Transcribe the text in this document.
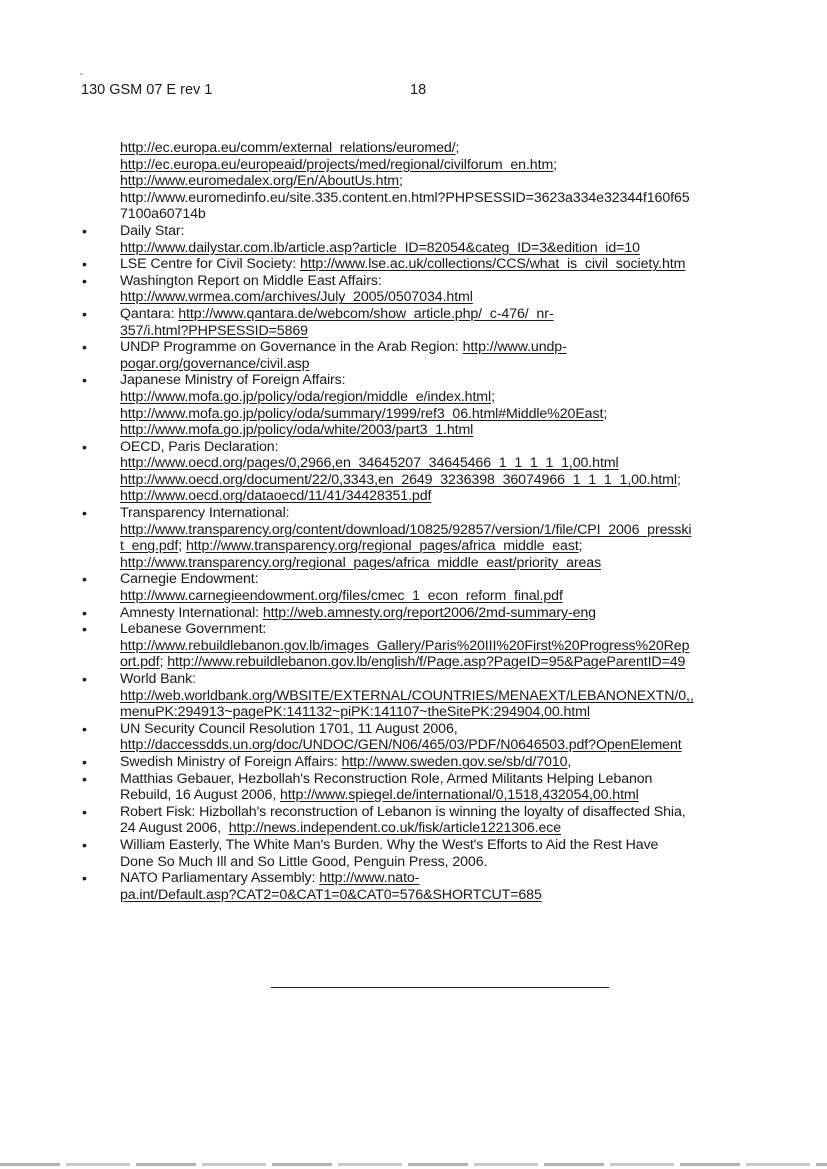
-
130 GSM 07 E rev 1	18
http://ec.europa.eu/comm/external_relations/euromed/;
http://ec.europa.eu/europeaid/projects/med/regional/civilforum_en.htm;
http://www.euromedalex.org/En/AboutUs.htm;
http://www.euromedinfo.eu/site.335.content.en.html?PHPSESSID=3623a334e32344f160f65
7100a60714b
•	Daily Star:
http://www.dailystar.com.lb/article.asp?article_ID=82054&categ_ID=3&edition_id=10
•	LSE Centre for Civil Society: http://www.lse.ac.uk/collections/CCS/what_is_civil_society.htm
•	Washington Report on Middle East Affairs:
http://www.wrmea.com/archives/July_2005/0507034.html
•	Qantara: http://www.qantara.de/webcom/show_article.php/_c-476/_nr-
357/i.html?PHPSESSID=5869
•	UNDP Programme on Governance in the Arab Region: http://www.undp-
pogar.org/governance/civil.asp
•	Japanese Ministry of Foreign Affairs:
http://www.mofa.go.jp/policy/oda/region/middle_e/index.html;
http://www.mofa.go.jp/policy/oda/summary/1999/ref3_06.html#Middle%20East;
http://www.mofa.go.jp/policy/oda/white/2003/part3_1.html
•	OECD, Paris Declaration:
http://www.oecd.org/pages/0,2966,en_34645207_34645466_1_1_1_1_1,00.html
http://www.oecd.org/document/22/0,3343,en_2649_3236398_36074966_1_1_1_1,00.html;
http://www.oecd.org/dataoecd/11/41/34428351.pdf
•	Transparency International:
http://www.transparency.org/content/download/10825/92857/version/1/file/CPI_2006_presski
t_eng.pdf; http://www.transparency.org/regional_pages/africa_middle_east;
http://www.transparency.org/regional_pages/africa_middle_east/priority_areas
•	Carnegie Endowment:
http://www.carnegieendowment.org/files/cmec_1_econ_reform_final.pdf
•	Amnesty International: http://web.amnesty.org/report2006/2md-summary-eng
•	Lebanese Government:
http://www.rebuildlebanon.gov.lb/images_Gallery/Paris%20III%20First%20Progress%20Rep
ort.pdf; http://www.rebuildlebanon.gov.lb/english/f/Page.asp?PageID=95&PageParentID=49
•	World Bank:
http://web.worldbank.org/WBSITE/EXTERNAL/COUNTRIES/MENAEXT/LEBANONEXTN/0,,
menuPK:294913~pagePK:141132~piPK:141107~theSitePK:294904,00.html
•	UN Security Council Resolution 1701, 11 August 2006,
http://daccessdds.un.org/doc/UNDOC/GEN/N06/465/03/PDF/N0646503.pdf?OpenElement
•	Swedish Ministry of Foreign Affairs: http://www.sweden.gov.se/sb/d/7010,
•	Matthias Gebauer, Hezbollah's Reconstruction Role, Armed Militants Helping Lebanon
Rebuild, 16 August 2006, http://www.spiegel.de/international/0,1518,432054,00.html
•	Robert Fisk: Hizbollah's reconstruction of Lebanon is winning the loyalty of disaffected Shia,
24 August 2006,  http://news.independent.co.uk/fisk/article1221306.ece
•	William Easterly, The White Man's Burden. Why the West's Efforts to Aid the Rest Have
Done So Much Ill and So Little Good, Penguin Press, 2006.
•	NATO Parliamentary Assembly: http://www.nato-
pa.int/Default.asp?CAT2=0&CAT1=0&CAT0=576&SHORTCUT=685
